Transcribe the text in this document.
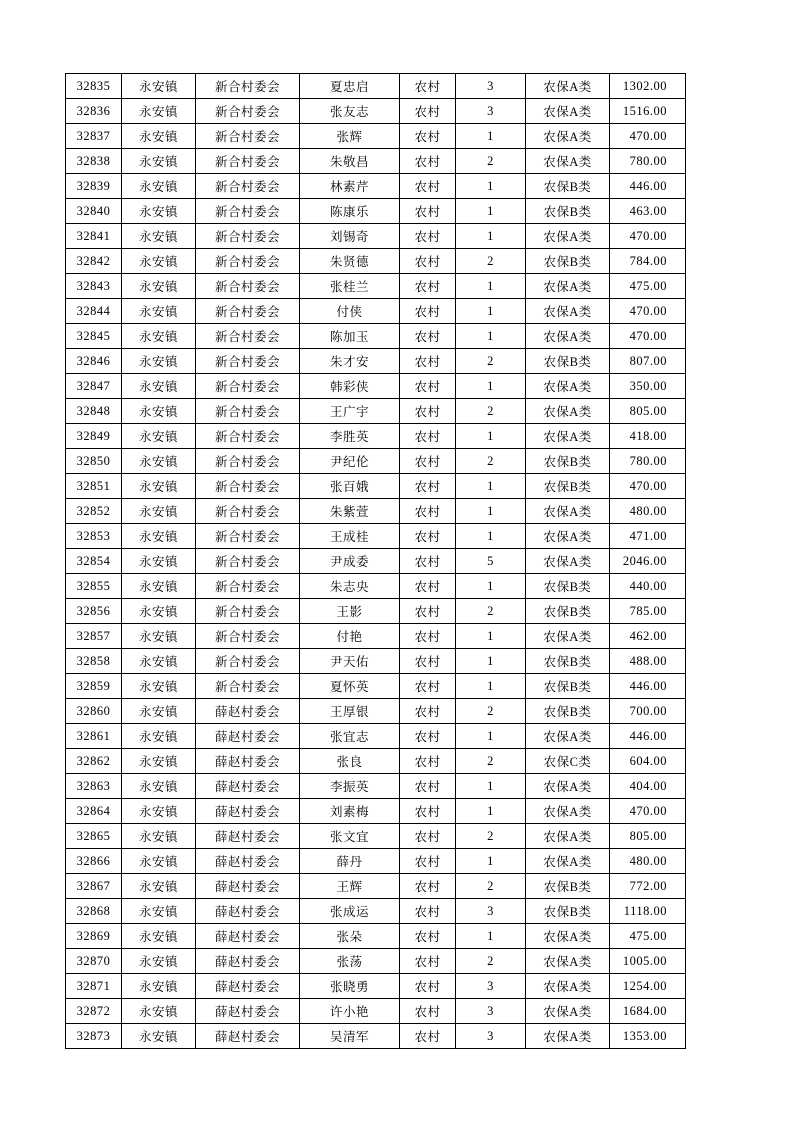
32835	永安镇	新合村委会	夏忠启	农村	3	农保A类	1302.00
32836	永安镇	新合村委会	张友志	农村	3	农保A类	1516.00
32837	永安镇	新合村委会	张辉	农村	1	农保A类	470.00
32838	永安镇	新合村委会	朱敬昌	农村	2	农保A类	780.00
32839	永安镇	新合村委会	林素芹	农村	1	农保B类	446.00
32840	永安镇	新合村委会	陈康乐	农村	1	农保B类	463.00
32841	永安镇	新合村委会	刘锡奇	农村	1	农保A类	470.00
32842	永安镇	新合村委会	朱贤德	农村	2	农保B类	784.00
32843	永安镇	新合村委会	张桂兰	农村	1	农保A类	475.00
32844	永安镇	新合村委会	付侠	农村	1	农保A类	470.00
32845	永安镇	新合村委会	陈加玉	农村	1	农保A类	470.00
32846	永安镇	新合村委会	朱才安	农村	2	农保B类	807.00
32847	永安镇	新合村委会	韩彩侠	农村	1	农保A类	350.00
32848	永安镇	新合村委会	王广宇	农村	2	农保A类	805.00
32849	永安镇	新合村委会	李胜英	农村	1	农保A类	418.00
32850	永安镇	新合村委会	尹纪伦	农村	2	农保B类	780.00
32851	永安镇	新合村委会	张百娥	农村	1	农保B类	470.00
32852	永安镇	新合村委会	朱紫萱	农村	1	农保A类	480.00
32853	永安镇	新合村委会	王成桂	农村	1	农保A类	471.00
32854	永安镇	新合村委会	尹成委	农村	5	农保A类	2046.00
32855	永安镇	新合村委会	朱志央	农村	1	农保B类	440.00
32856	永安镇	新合村委会	王影	农村	2	农保B类	785.00
32857	永安镇	新合村委会	付艳	农村	1	农保A类	462.00
32858	永安镇	新合村委会	尹天佑	农村	1	农保B类	488.00
32859	永安镇	新合村委会	夏怀英	农村	1	农保B类	446.00
32860	永安镇	薛赵村委会	王厚银	农村	2	农保B类	700.00
32861	永安镇	薛赵村委会	张宜志	农村	1	农保A类	446.00
32862	永安镇	薛赵村委会	张良	农村	2	农保C类	604.00
32863	永安镇	薛赵村委会	李振英	农村	1	农保A类	404.00
32864	永安镇	薛赵村委会	刘素梅	农村	1	农保A类	470.00
32865	永安镇	薛赵村委会	张文宜	农村	2	农保A类	805.00
32866	永安镇	薛赵村委会	薛丹	农村	1	农保A类	480.00
32867	永安镇	薛赵村委会	王辉	农村	2	农保B类	772.00
32868	永安镇	薛赵村委会	张成运	农村	3	农保B类	1118.00
32869	永安镇	薛赵村委会	张朵	农村	1	农保A类	475.00
32870	永安镇	薛赵村委会	张荡	农村	2	农保A类	1005.00
32871	永安镇	薛赵村委会	张晓勇	农村	3	农保A类	1254.00
32872	永安镇	薛赵村委会	许小艳	农村	3	农保A类	1684.00
32873	永安镇	薛赵村委会	吴清军	农村	3	农保A类	1353.00
